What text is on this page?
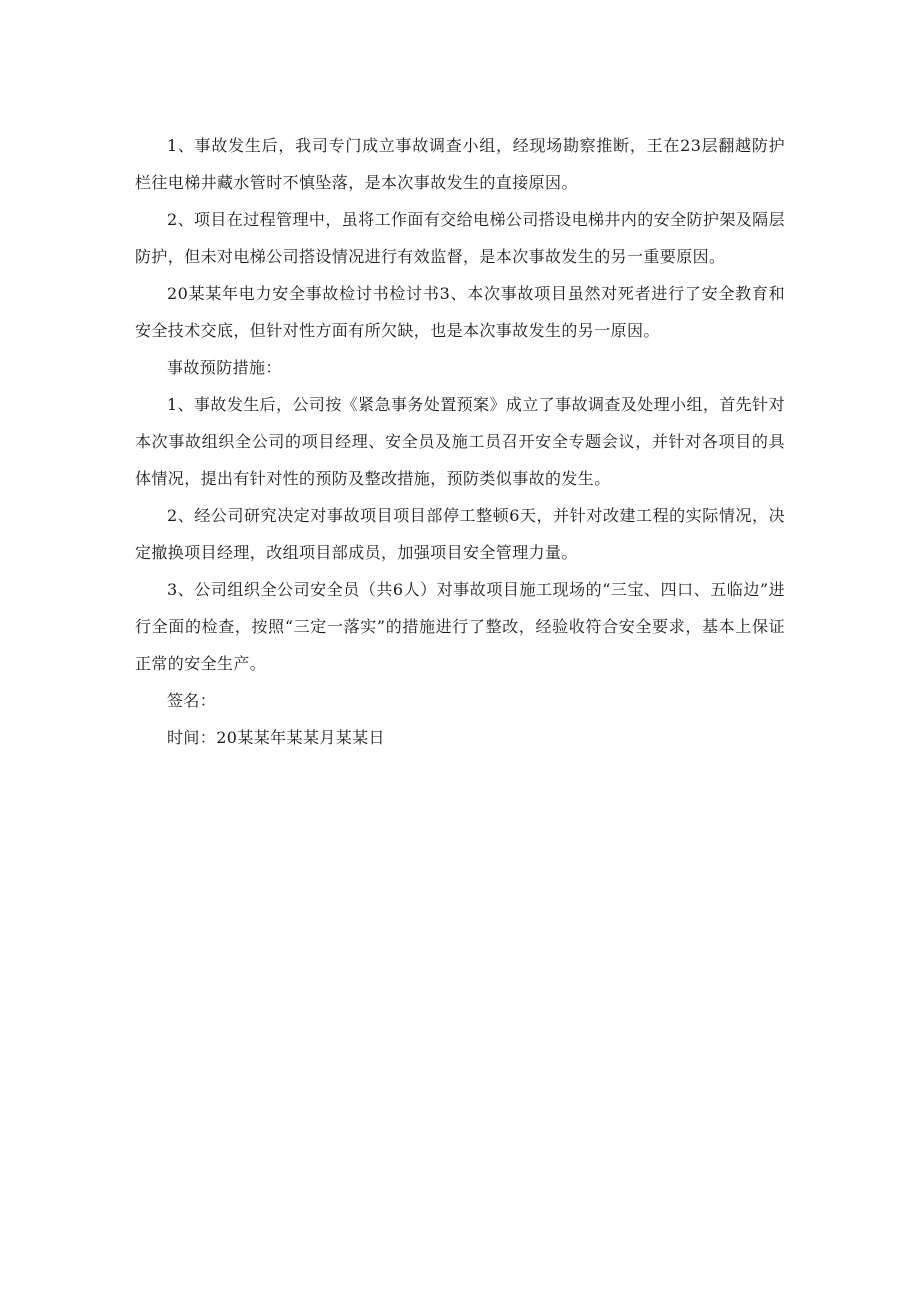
1、事故发生后，我司专门成立事故调查小组，经现场勘察推断，王在23层翻越防护栏往电梯井藏水管时不慎坠落，是本次事故发生的直接原因。

2、项目在过程管理中，虽将工作面有交给电梯公司搭设电梯井内的安全防护架及隔层防护，但未对电梯公司搭设情况进行有效监督，是本次事故发生的另一重要原因。

20某某年电力安全事故检讨书检讨书3、本次事故项目虽然对死者进行了安全教育和安全技术交底，但针对性方面有所欠缺，也是本次事故发生的另一原因。

事故预防措施：

1、事故发生后，公司按《紧急事务处置预案》成立了事故调查及处理小组，首先针对本次事故组织全公司的项目经理、安全员及施工员召开安全专题会议，并针对各项目的具体情况，提出有针对性的预防及整改措施，预防类似事故的发生。

2、经公司研究决定对事故项目项目部停工整顿6天，并针对改建工程的实际情况，决定撤换项目经理，改组项目部成员，加强项目安全管理力量。

3、公司组织全公司安全员（共6人）对事故项目施工现场的“三宝、四口、五临边”进行全面的检查，按照“三定一落实”的措施进行了整改，经验收符合安全要求，基本上保证正常的安全生产。

签名：

时间：20某某年某某月某某日
